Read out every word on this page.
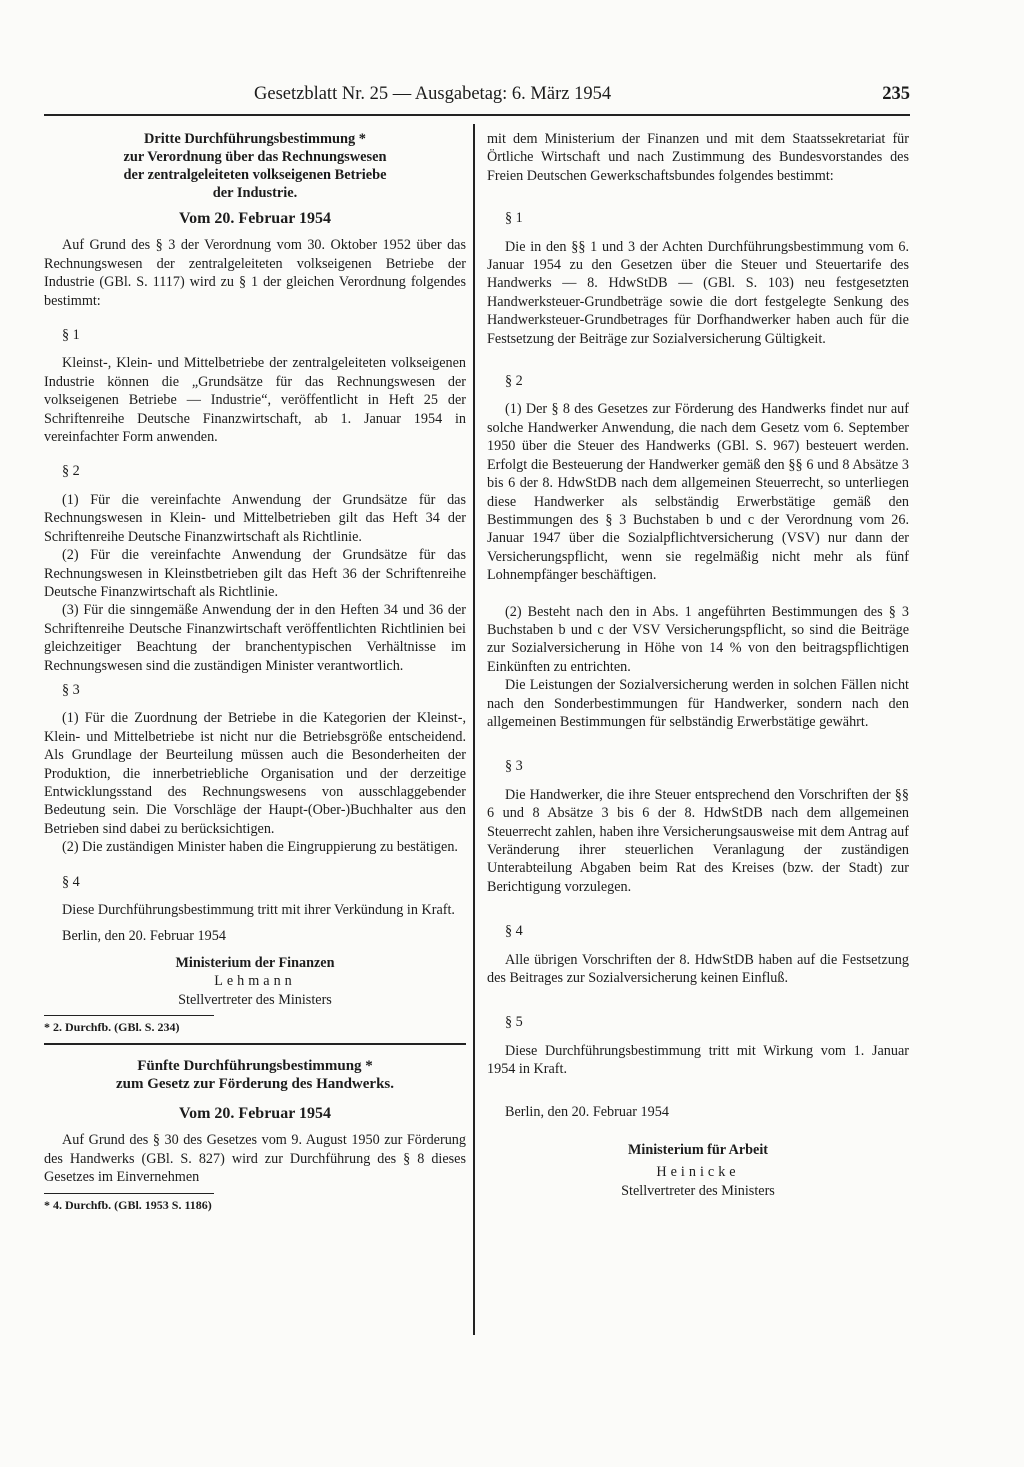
Gesetzblatt Nr. 25 — Ausgabetag: 6. März 1954	235
Dritte Durchführungsbestimmung *
zur Verordnung über das Rechnungswesen
der zentralgeleiteten volkseigenen Betriebe
der Industrie.
Vom 20. Februar 1954

Auf Grund des § 3 der Verordnung vom 30. Oktober 1952 über das Rechnungswesen der zentralgeleiteten volkseigenen Betriebe der Industrie (GBl. S. 1117) wird zu § 1 der gleichen Verordnung folgendes bestimmt:

§ 1

Kleinst-, Klein- und Mittelbetriebe der zentralgeleiteten volkseigenen Industrie können die „Grundsätze für das Rechnungswesen der volkseigenen Betriebe — Industrie“, veröffentlicht in Heft 25 der Schriftenreihe Deutsche Finanzwirtschaft, ab 1. Januar 1954 in vereinfachter Form anwenden.

§ 2

(1) Für die vereinfachte Anwendung der Grundsätze für das Rechnungswesen in Klein- und Mittelbetrieben gilt das Heft 34 der Schriftenreihe Deutsche Finanzwirtschaft als Richtlinie.

(2) Für die vereinfachte Anwendung der Grundsätze für das Rechnungswesen in Kleinstbetrieben gilt das Heft 36 der Schriftenreihe Deutsche Finanzwirtschaft als Richtlinie.

(3) Für die sinngemäße Anwendung der in den Heften 34 und 36 der Schriftenreihe Deutsche Finanzwirtschaft veröffentlichten Richtlinien bei gleichzeitiger Beachtung der branchentypischen Verhältnisse im Rechnungswesen sind die zuständigen Minister verantwortlich.

§ 3

(1) Für die Zuordnung der Betriebe in die Kategorien der Kleinst-, Klein- und Mittelbetriebe ist nicht nur die Betriebsgröße entscheidend. Als Grundlage der Beurteilung müssen auch die Besonderheiten der Produktion, die innerbetriebliche Organisation und der derzeitige Entwicklungsstand des Rechnungswesens von ausschlaggebender Bedeutung sein. Die Vorschläge der Haupt-(Ober-)Buchhalter aus den Betrieben sind dabei zu berücksichtigen.

(2) Die zuständigen Minister haben die Eingruppierung zu bestätigen.

§ 4

Diese Durchführungsbestimmung tritt mit ihrer Verkündung in Kraft.

Berlin, den 20. Februar 1954

Ministerium der Finanzen
Lehmann
Stellvertreter des Ministers
* 2. Durchfb. (GBl. S. 234)
Fünfte Durchführungsbestimmung *
zum Gesetz zur Förderung des Handwerks.
Vom 20. Februar 1954

Auf Grund des § 30 des Gesetzes vom 9. August 1950 zur Förderung des Handwerks (GBl. S. 827) wird zur Durchführung des § 8 dieses Gesetzes im Einvernehmen

* 4. Durchfb. (GBl. 1953 S. 1186)

mit dem Ministerium der Finanzen und mit dem Staatssekretariat für Örtliche Wirtschaft und nach Zustimmung des Bundesvorstandes des Freien Deutschen Gewerkschaftsbundes folgendes bestimmt:

§ 1

Die in den §§ 1 und 3 der Achten Durchführungsbestimmung vom 6. Januar 1954 zu den Gesetzen über die Steuer und Steuertarife des Handwerks — 8. HdwStDB — (GBl. S. 103) neu festgesetzten Handwerksteuer-Grundbeträge sowie die dort festgelegte Senkung des Handwerksteuer-Grundbetrages für Dorfhandwerker haben auch für die Festsetzung der Beiträge zur Sozialversicherung Gültigkeit.

§ 2

(1) Der § 8 des Gesetzes zur Förderung des Handwerks findet nur auf solche Handwerker Anwendung, die nach dem Gesetz vom 6. September 1950 über die Steuer des Handwerks (GBl. S. 967) besteuert werden. Erfolgt die Besteuerung der Handwerker gemäß den §§ 6 und 8 Absätze 3 bis 6 der 8. HdwStDB nach dem allgemeinen Steuerrecht, so unterliegen diese Handwerker als selbständig Erwerbstätige gemäß den Bestimmungen des § 3 Buchstaben b und c der Verordnung vom 26. Januar 1947 über die Sozialpflichtversicherung (VSV) nur dann der Versicherungspflicht, wenn sie regelmäßig nicht mehr als fünf Lohnempfänger beschäftigen.

(2) Besteht nach den in Abs. 1 angeführten Bestimmungen des § 3 Buchstaben b und c der VSV Versicherungspflicht, so sind die Beiträge zur Sozialversicherung in Höhe von 14 % von den beitragspflichtigen Einkünften zu entrichten.

Die Leistungen der Sozialversicherung werden in solchen Fällen nicht nach den Sonderbestimmungen für Handwerker, sondern nach den allgemeinen Bestimmungen für selbständig Erwerbstätige gewährt.

§ 3

Die Handwerker, die ihre Steuer entsprechend den Vorschriften der §§ 6 und 8 Absätze 3 bis 6 der 8. HdwStDB nach dem allgemeinen Steuerrecht zahlen, haben ihre Versicherungsausweise mit dem Antrag auf Veränderung ihrer steuerlichen Veranlagung der zuständigen Unterabteilung Abgaben beim Rat des Kreises (bzw. der Stadt) zur Berichtigung vorzulegen.

§ 4

Alle übrigen Vorschriften der 8. HdwStDB haben auf die Festsetzung des Beitrages zur Sozialversicherung keinen Einfluß.

§ 5

Diese Durchführungsbestimmung tritt mit Wirkung vom 1. Januar 1954 in Kraft.

Berlin, den 20. Februar 1954

Ministerium für Arbeit
Heinicke
Stellvertreter des Ministers
